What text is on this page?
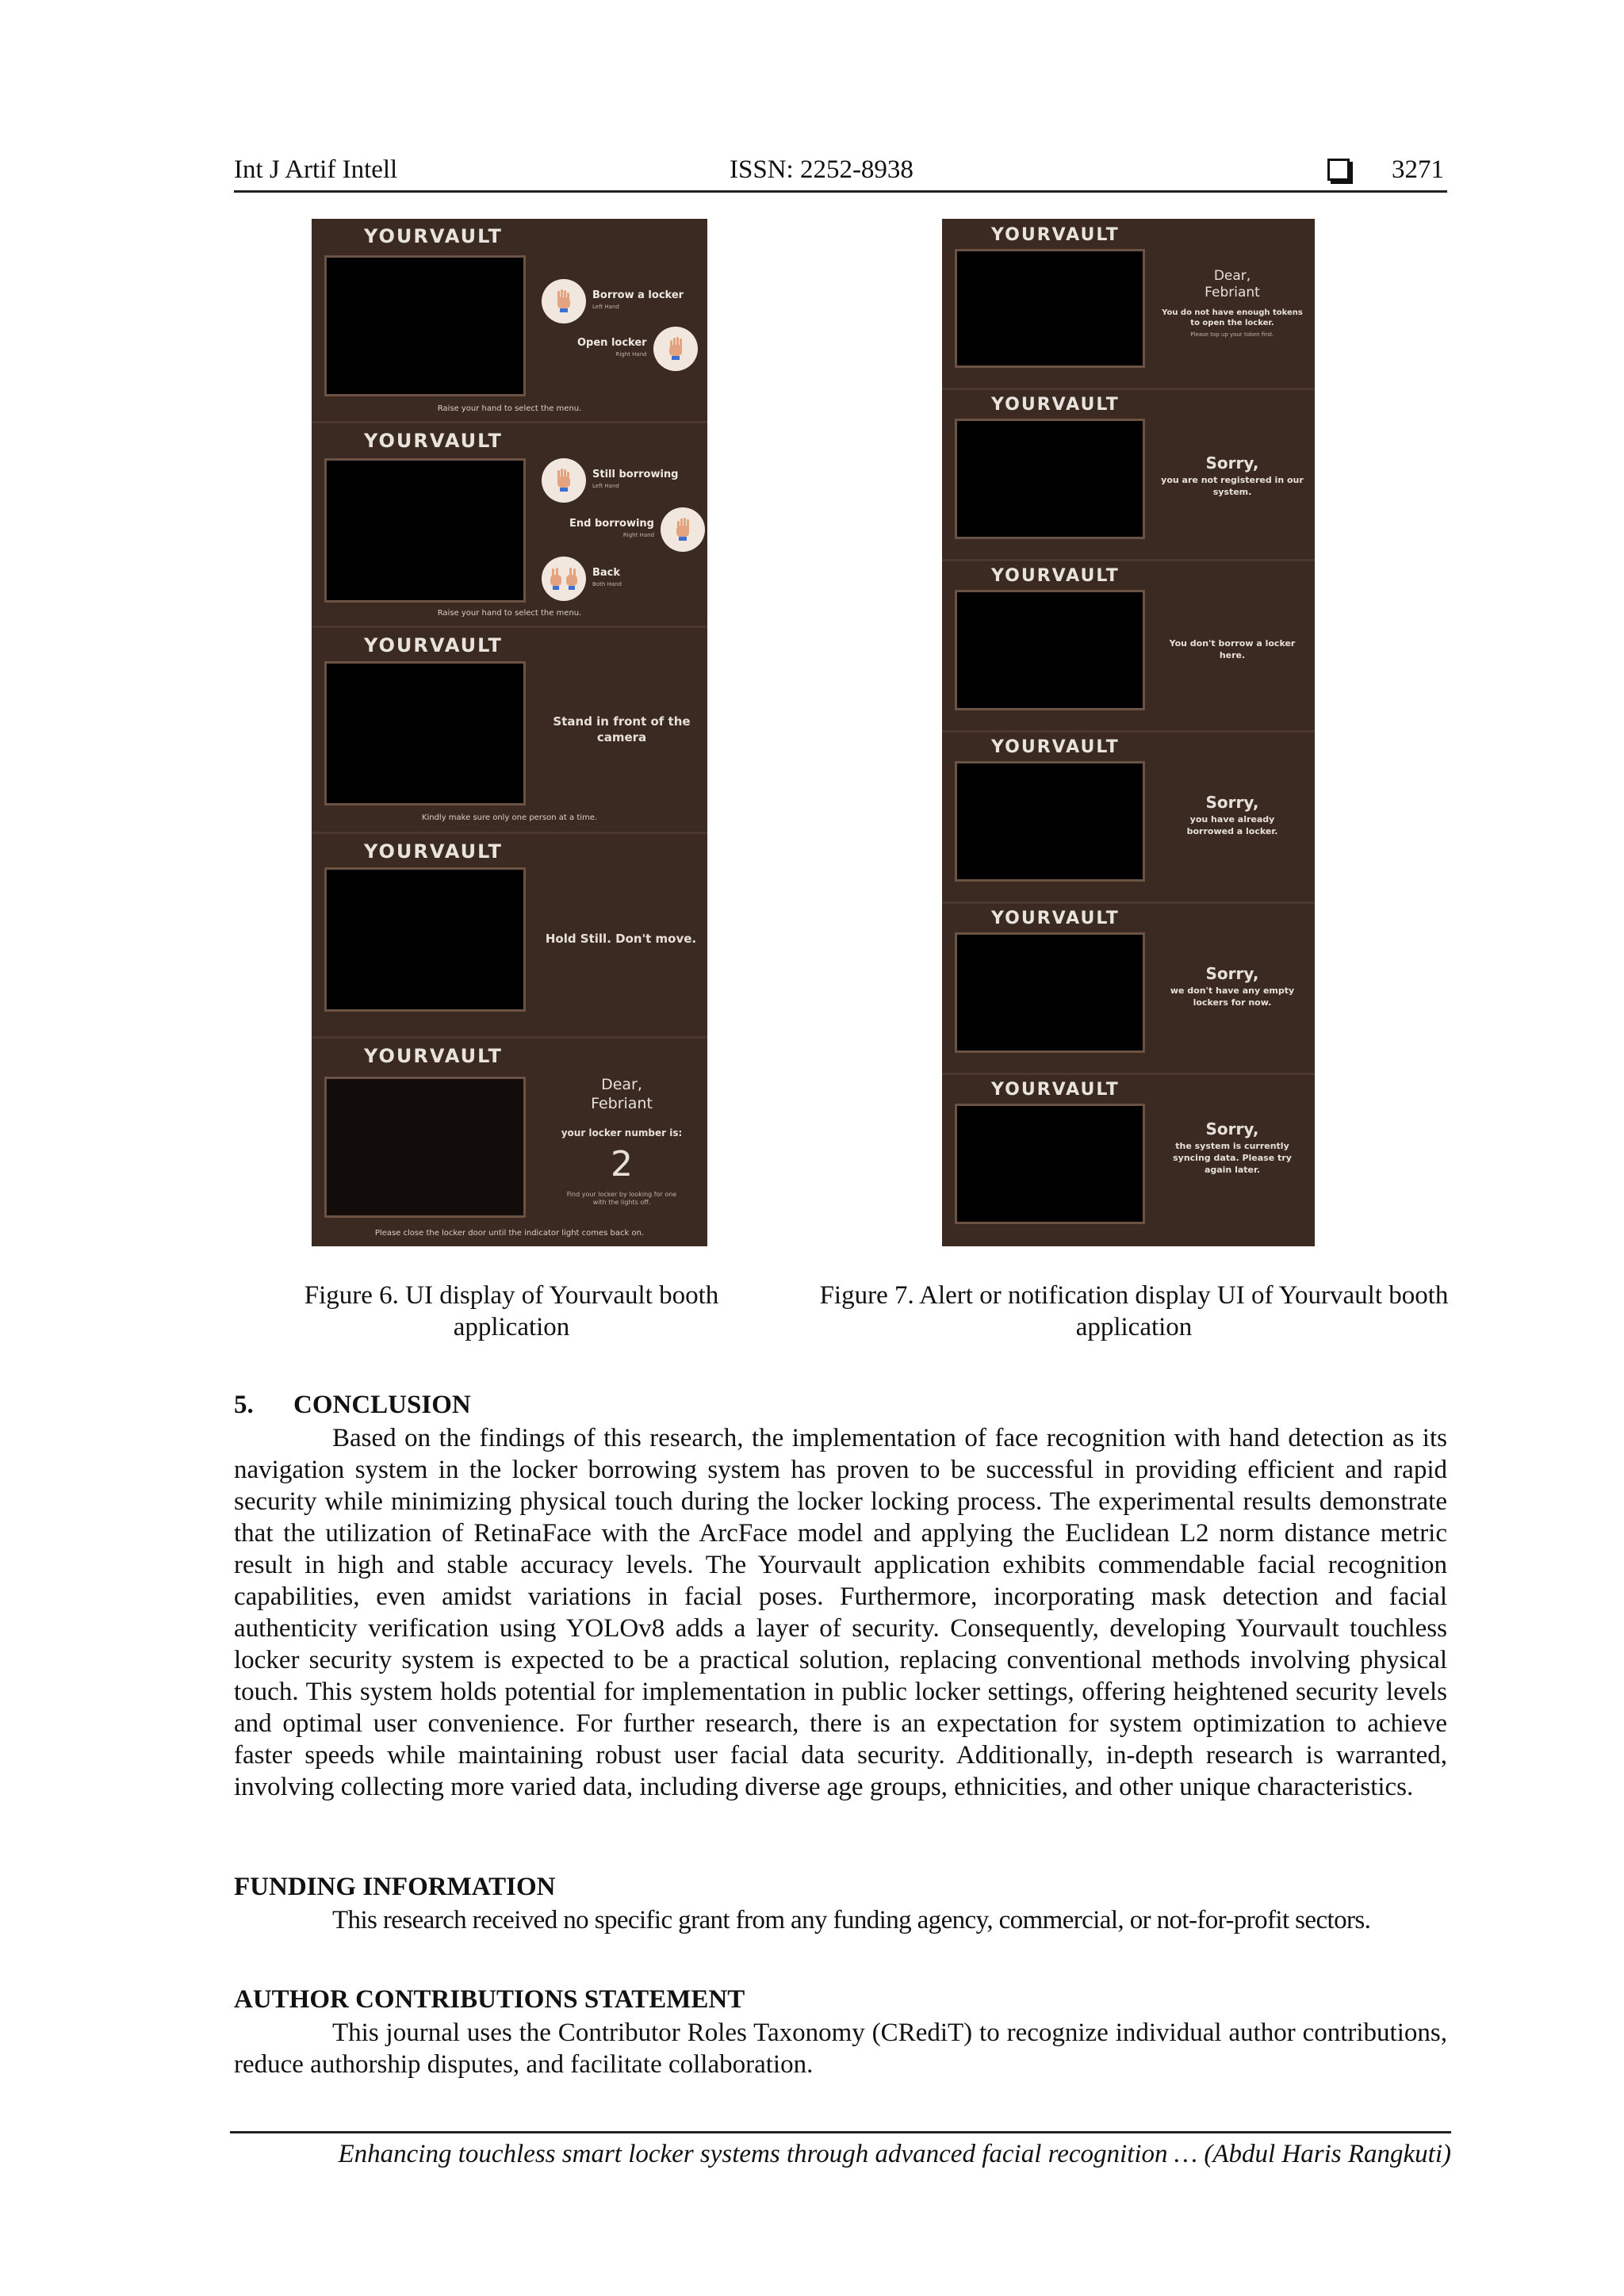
Int J Artif Intell	ISSN: 2252-8938	3271
YOURVAULT
Borrow a locker
Left Hand
Open locker
Right Hand
Raise your hand to select the menu.
YOURVAULT
Still borrowing
Left Hand
End borrowing
Right Hand
Back
Both Hand
Raise your hand to select the menu.
YOURVAULT
Stand in front of the camera
Kindly make sure only one person at a time.
YOURVAULT
Hold Still. Don't move.
YOURVAULT
Dear,
Febriant
your locker number is:
2
Find your locker by looking for one with the lights off.
Please close the locker door until the indicator light comes back on.
YOURVAULT
Dear,
Febriant
You do not have enough tokens to open the locker.
Please top up your token first.
YOURVAULT
Sorry,
you are not registered in our system.
YOURVAULT
You don't borrow a locker here.
YOURVAULT
Sorry,
you have already borrowed a locker.
YOURVAULT
Sorry,
we don't have any empty lockers for now.
YOURVAULT
Sorry,
the system is currently syncing data. Please try again later.
Figure 6. UI display of Yourvault booth application
Figure 7. Alert or notification display UI of Yourvault booth application
5. CONCLUSION

Based on the findings of this research, the implementation of face recognition with hand detection as its navigation system in the locker borrowing system has proven to be successful in providing efficient and rapid security while minimizing physical touch during the locker locking process. The experimental results demonstrate that the utilization of RetinaFace with the ArcFace model and applying the Euclidean L2 norm distance metric result in high and stable accuracy levels. The Yourvault application exhibits commendable facial recognition capabilities, even amidst variations in facial poses. Furthermore, incorporating mask detection and facial authenticity verification using YOLOv8 adds a layer of security. Consequently, developing Yourvault touchless locker security system is expected to be a practical solution, replacing conventional methods involving physical touch. This system holds potential for implementation in public locker settings, offering heightened security levels and optimal user convenience. For further research, there is an expectation for system optimization to achieve faster speeds while maintaining robust user facial data security. Additionally, in-depth research is warranted, involving collecting more varied data, including diverse age groups, ethnicities, and other unique characteristics.

FUNDING INFORMATION

This research received no specific grant from any funding agency, commercial, or not-for-profit sectors.

AUTHOR CONTRIBUTIONS STATEMENT

This journal uses the Contributor Roles Taxonomy (CRediT) to recognize individual author contributions, reduce authorship disputes, and facilitate collaboration.

Enhancing touchless smart locker systems through advanced facial recognition … (Abdul Haris Rangkuti)
